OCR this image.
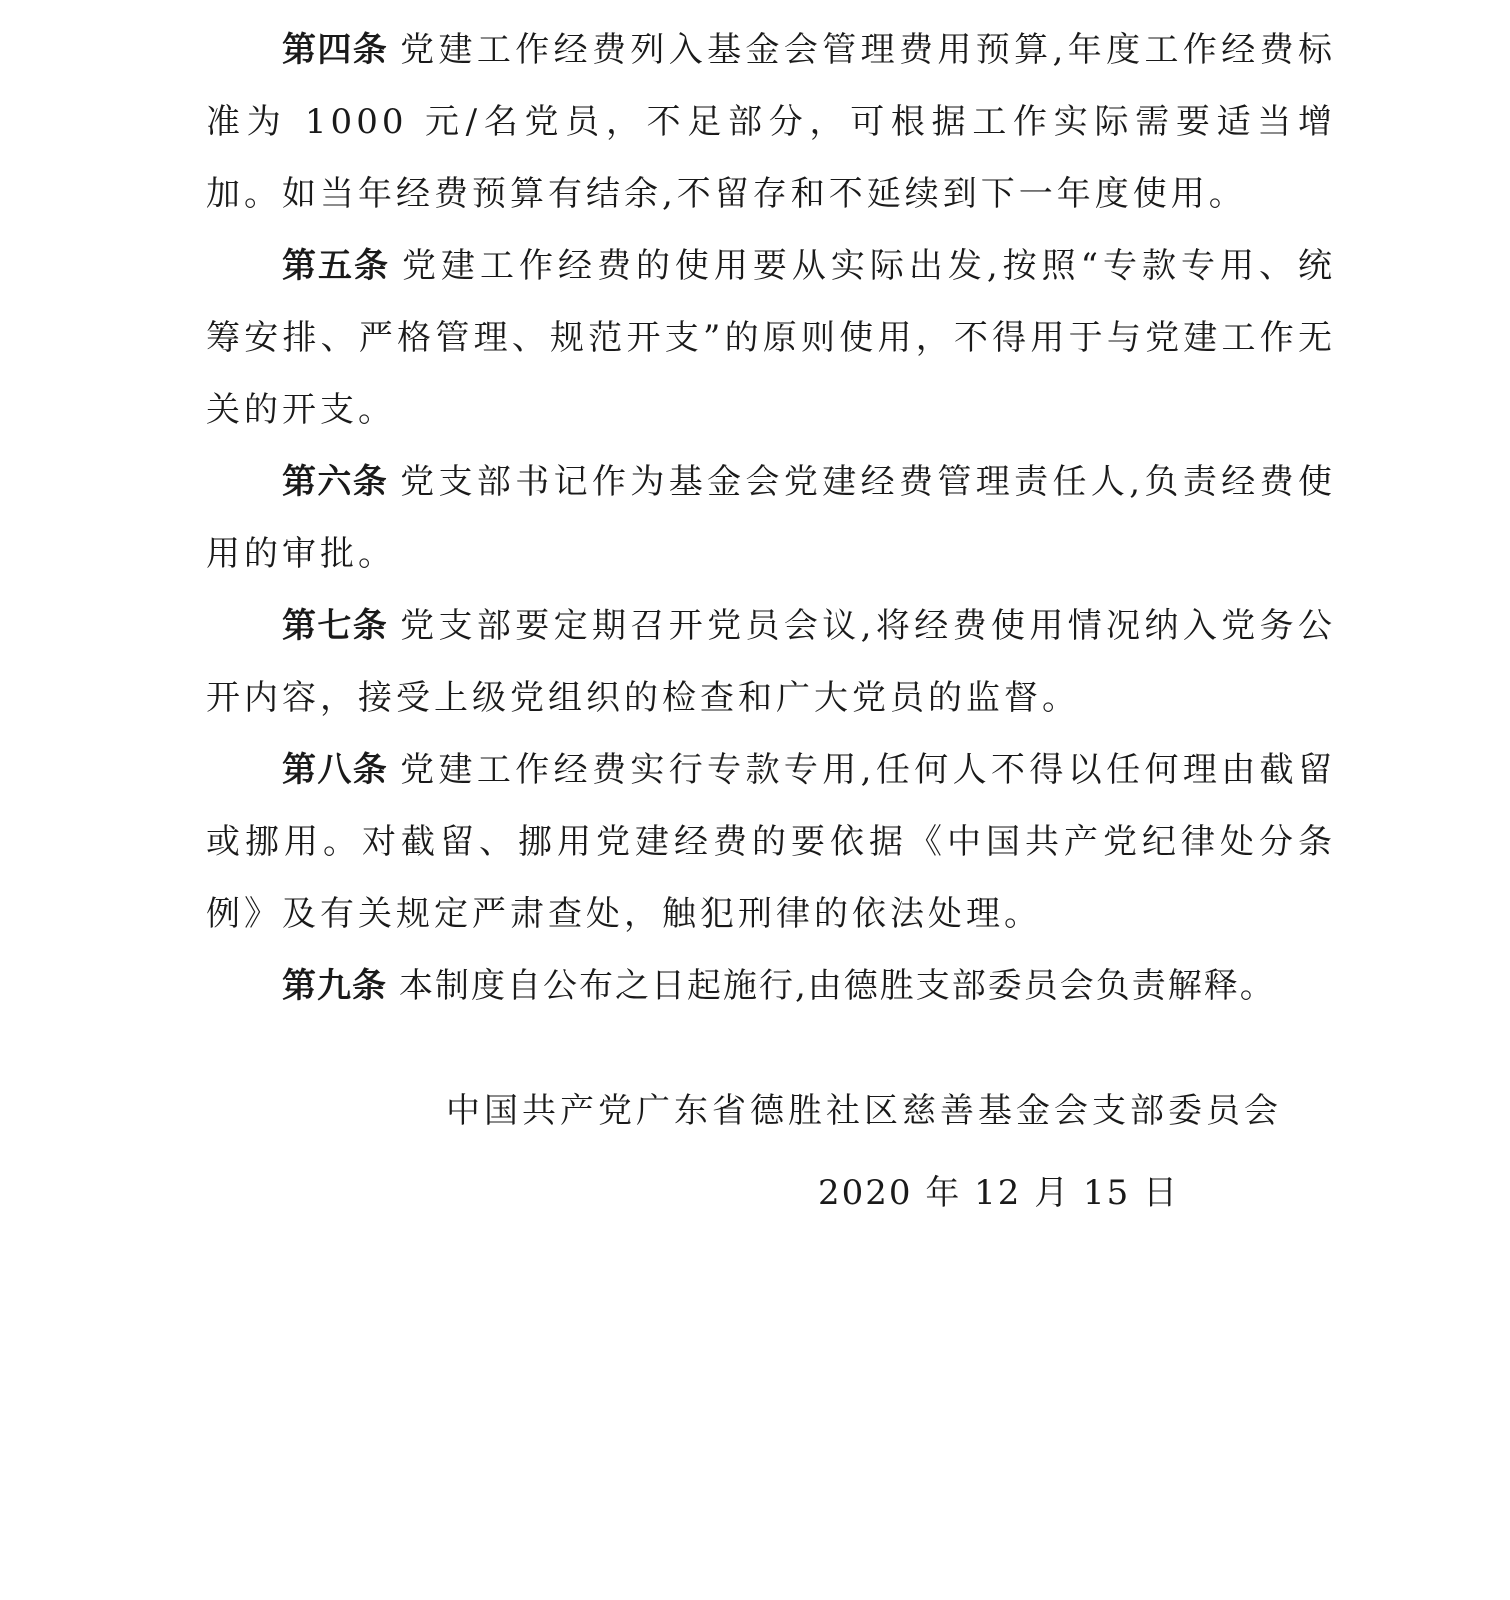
第四条 党建工作经费列入基金会管理费用预算,年度工作经费标准为 1000 元/名党员，不足部分，可根据工作实际需要适当增加。如当年经费预算有结余,不留存和不延续到下一年度使用。

第五条 党建工作经费的使用要从实际出发,按照“专款专用、统筹安排、严格管理、规范开支”的原则使用，不得用于与党建工作无关的开支。

第六条 党支部书记作为基金会党建经费管理责任人,负责经费使用的审批。

第七条 党支部要定期召开党员会议,将经费使用情况纳入党务公开内容，接受上级党组织的检查和广大党员的监督。

第八条 党建工作经费实行专款专用,任何人不得以任何理由截留或挪用。对截留、挪用党建经费的要依据《中国共产党纪律处分条例》及有关规定严肃查处，触犯刑律的依法处理。

第九条 本制度自公布之日起施行,由德胜支部委员会负责解释。

中国共产党广东省德胜社区慈善基金会支部委员会
2020 年 12 月 15 日
